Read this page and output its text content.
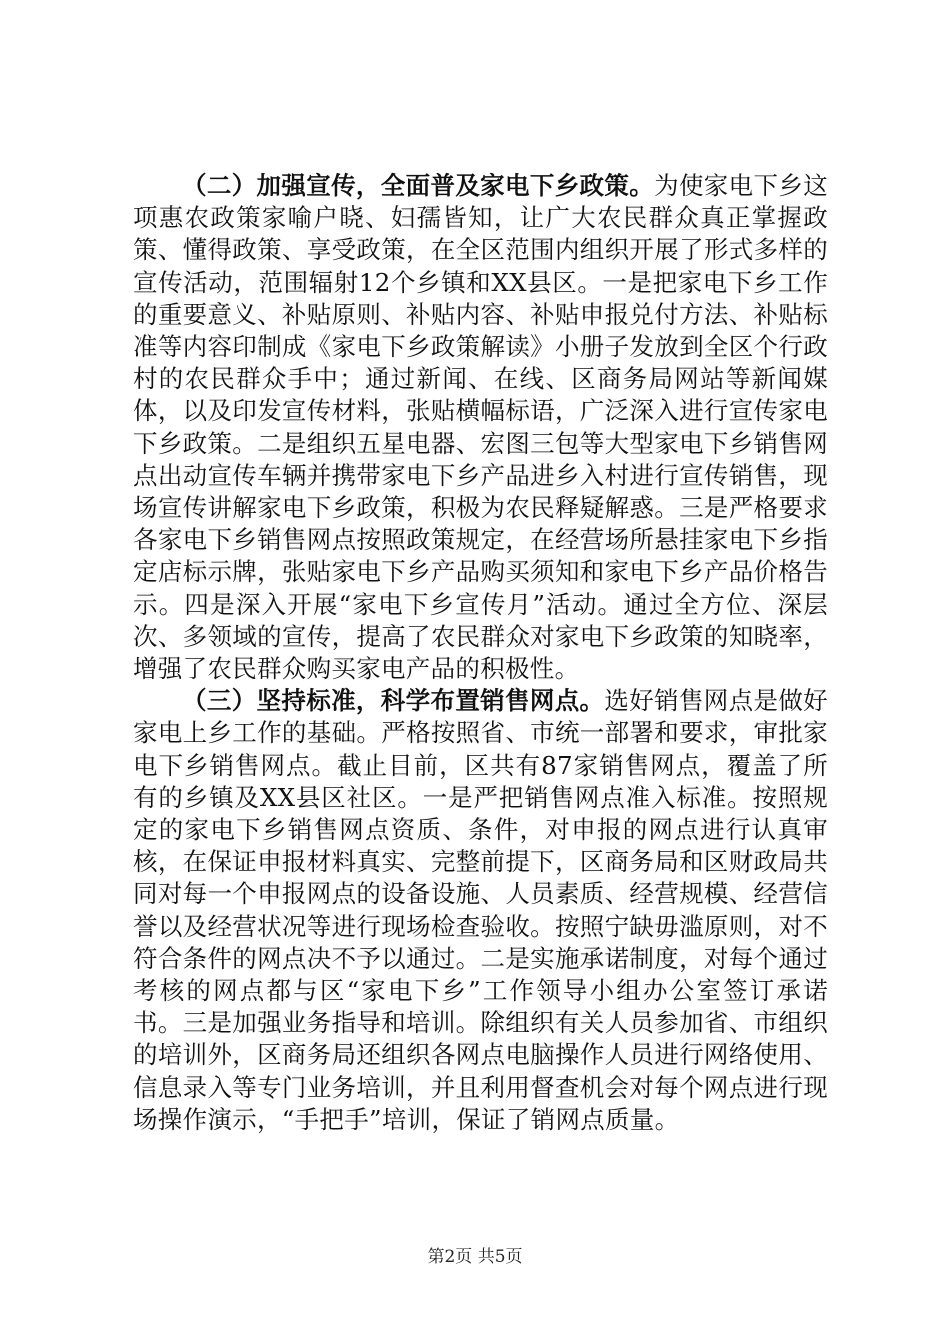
（二）加强宣传，全面普及家电下乡政策。为使家电下乡这项惠农政策家喻户晓、妇孺皆知，让广大农民群众真正掌握政策、懂得政策、享受政策，在全区范围内组织开展了形式多样的宣传活动，范围辐射12个乡镇和XX县区。一是把家电下乡工作的重要意义、补贴原则、补贴内容、补贴申报兑付方法、补贴标准等内容印制成《家电下乡政策解读》小册子发放到全区个行政村的农民群众手中；通过新闻、在线、区商务局网站等新闻媒体，以及印发宣传材料，张贴横幅标语，广泛深入进行宣传家电下乡政策。二是组织五星电器、宏图三包等大型家电下乡销售网点出动宣传车辆并携带家电下乡产品进乡入村进行宣传销售，现场宣传讲解家电下乡政策，积极为农民释疑解惑。三是严格要求各家电下乡销售网点按照政策规定，在经营场所悬挂家电下乡指定店标示牌，张贴家电下乡产品购买须知和家电下乡产品价格告示。四是深入开展“家电下乡宣传月”活动。通过全方位、深层次、多领域的宣传，提高了农民群众对家电下乡政策的知晓率，增强了农民群众购买家电产品的积极性。

（三）坚持标准，科学布置销售网点。选好销售网点是做好家电上乡工作的基础。严格按照省、市统一部署和要求，审批家电下乡销售网点。截止目前，区共有87家销售网点，覆盖了所有的乡镇及XX县区社区。一是严把销售网点准入标准。按照规定的家电下乡销售网点资质、条件，对申报的网点进行认真审核，在保证申报材料真实、完整前提下，区商务局和区财政局共同对每一个申报网点的设备设施、人员素质、经营规模、经营信誉以及经营状况等进行现场检查验收。按照宁缺毋滥原则，对不符合条件的网点决不予以通过。二是实施承诺制度，对每个通过考核的网点都与区“家电下乡”工作领导小组办公室签订承诺书。三是加强业务指导和培训。除组织有关人员参加省、市组织的培训外，区商务局还组织各网点电脑操作人员进行网络使用、信息录入等专门业务培训，并且利用督查机会对每个网点进行现场操作演示，“手把手”培训，保证了销网点质量。

第2页 共5页
